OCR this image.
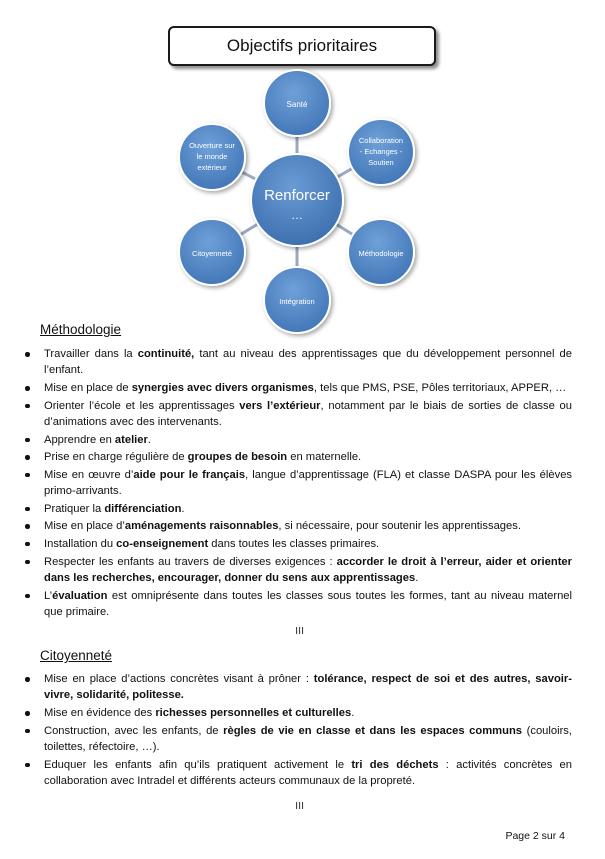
Objectifs prioritaires
Santé
Collaboration
- Echanges -
Soutien
Méthodologie
Intégration
Citoyenneté
Ouverture sur
le monde
extérieur
Renforcer
…
Méthodologie
Travailler dans la continuité, tant au niveau des apprentissages que du développement personnel de l’enfant.
Mise en place de synergies avec divers organismes, tels que PMS, PSE, Pôles territoriaux, APPER, …
Orienter l’école et les apprentissages vers l’extérieur, notamment par le biais de sorties de classe ou d’animations avec des intervenants.
Apprendre en atelier.
Prise en charge régulière de groupes de besoin en maternelle.
Mise en œuvre d’aide pour le français, langue d’apprentissage (FLA) et classe DASPA pour les élèves primo-arrivants.
Pratiquer la différenciation.
Mise en place d’aménagements raisonnables, si nécessaire, pour soutenir les apprentissages.
Installation du co-enseignement dans toutes les classes primaires.
Respecter les enfants au travers de diverses exigences : accorder le droit à l’erreur, aider et orienter dans les recherches, encourager, donner du sens aux apprentissages.
L’évaluation est omniprésente dans toutes les classes sous toutes les formes, tant au niveau maternel que primaire.
ⲽ
Citoyenneté
Mise en place d’actions concrètes visant à prôner : tolérance, respect de soi et des autres, savoir-vivre, solidarité, politesse.
Mise en évidence des richesses personnelles et culturelles.
Construction, avec les enfants, de règles de vie en classe et dans les espaces communs (couloirs, toilettes, réfectoire, …).
Eduquer les enfants afin qu’ils pratiquent activement le tri des déchets : activités concrètes en collaboration avec Intradel et différents acteurs communaux de la propreté.
ⲽ
Page 2 sur 4
